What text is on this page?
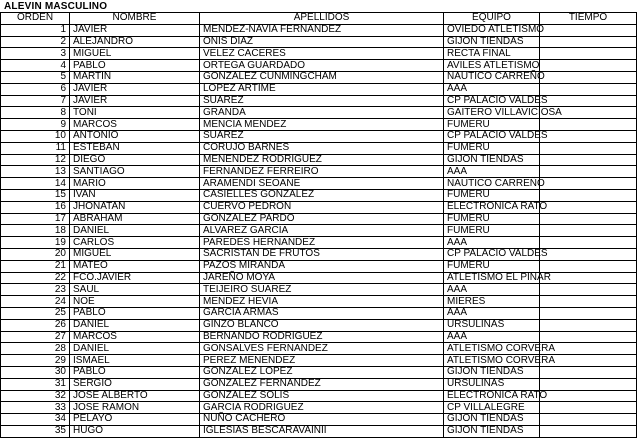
ALEVIN MASCULINO
ORDEN	NOMBRE	APELLIDOS	EQUIPO	TIEMPO
1	JAVIER	MENDEZ-NAVIA FERNANDEZ	OVIEDO ATLETISMO	
2	ALEJANDRO	ONIS DIAZ	GIJON TIENDAS	
3	MIGUEL	VELEZ CACERES	RECTA FINAL	
4	PABLO	ORTEGA GUARDADO	AVILES ATLETISMO	
5	MARTIN	GONZALEZ CUNMINGCHAM	NAUTICO CARREÑO	
6	JAVIER	LOPEZ ARTIME	AAA	
7	JAVIER	SUAREZ	CP PALACIO VALDES	
8	TONI	GRANDA	GAITERO VILLAVICIOSA	
9	MARCOS	MENCIA MENDEZ	FUMERU	
10	ANTONIO	SUAREZ	CP PALACIO VALDES	
11	ESTEBAN	CORUJO BARNES	FUMERU	
12	DIEGO	MENENDEZ RODRIGUEZ	GIJON TIENDAS	
13	SANTIAGO	FERNANDEZ FERREIRO	AAA	
14	MARIO	ARAMENDI SEOANE	NAUTICO CARREÑO	
15	IVAN	CASIELLES GONZALEZ	FUMERU	
16	JHONATAN	CUERVO PEDRON	ELECTRONICA RATO	
17	ABRAHAM	GONZALEZ PARDO	FUMERU	
18	DANIEL	ALVAREZ GARCIA	FUMERU	
19	CARLOS	PAREDES HERNANDEZ	AAA	
20	MIGUEL	SACRISTAN DE FRUTOS	CP PALACIO VALDES	
21	MATEO	PAZOS MIRANDA	FUMERU	
22	FCO.JAVIER	JAREÑO MOYA	ATLETISMO EL PINAR	
23	SAUL	TEIJEIRO SUAREZ	AAA	
24	NOE	MENDEZ HEVIA	MIERES	
25	PABLO	GARCIA ARMAS	AAA	
26	DANIEL	GINZO BLANCO	URSULINAS	
27	MARCOS	BERNANDO RODRIGUEZ	AAA	
28	DANIEL	GONSALVES FERNANDEZ	ATLETISMO CORVERA	
29	ISMAEL	PEREZ MENENDEZ	ATLETISMO CORVERA	
30	PABLO	GONZALEZ LOPEZ	GIJON TIENDAS	
31	SERGIO	GONZALEZ FERNANDEZ	URSULINAS	
32	JOSE ALBERTO	GONZALEZ SOLIS	ELECTRONICA RATO	
33	JOSE RAMON	GARCIA RODRIGUEZ	CP VILLALEGRE	
34	PELAYO	NUÑO CACHERO	GIJON TIENDAS	
35	HUGO	IGLESIAS BESCARAVAINII	GIJON TIENDAS	
